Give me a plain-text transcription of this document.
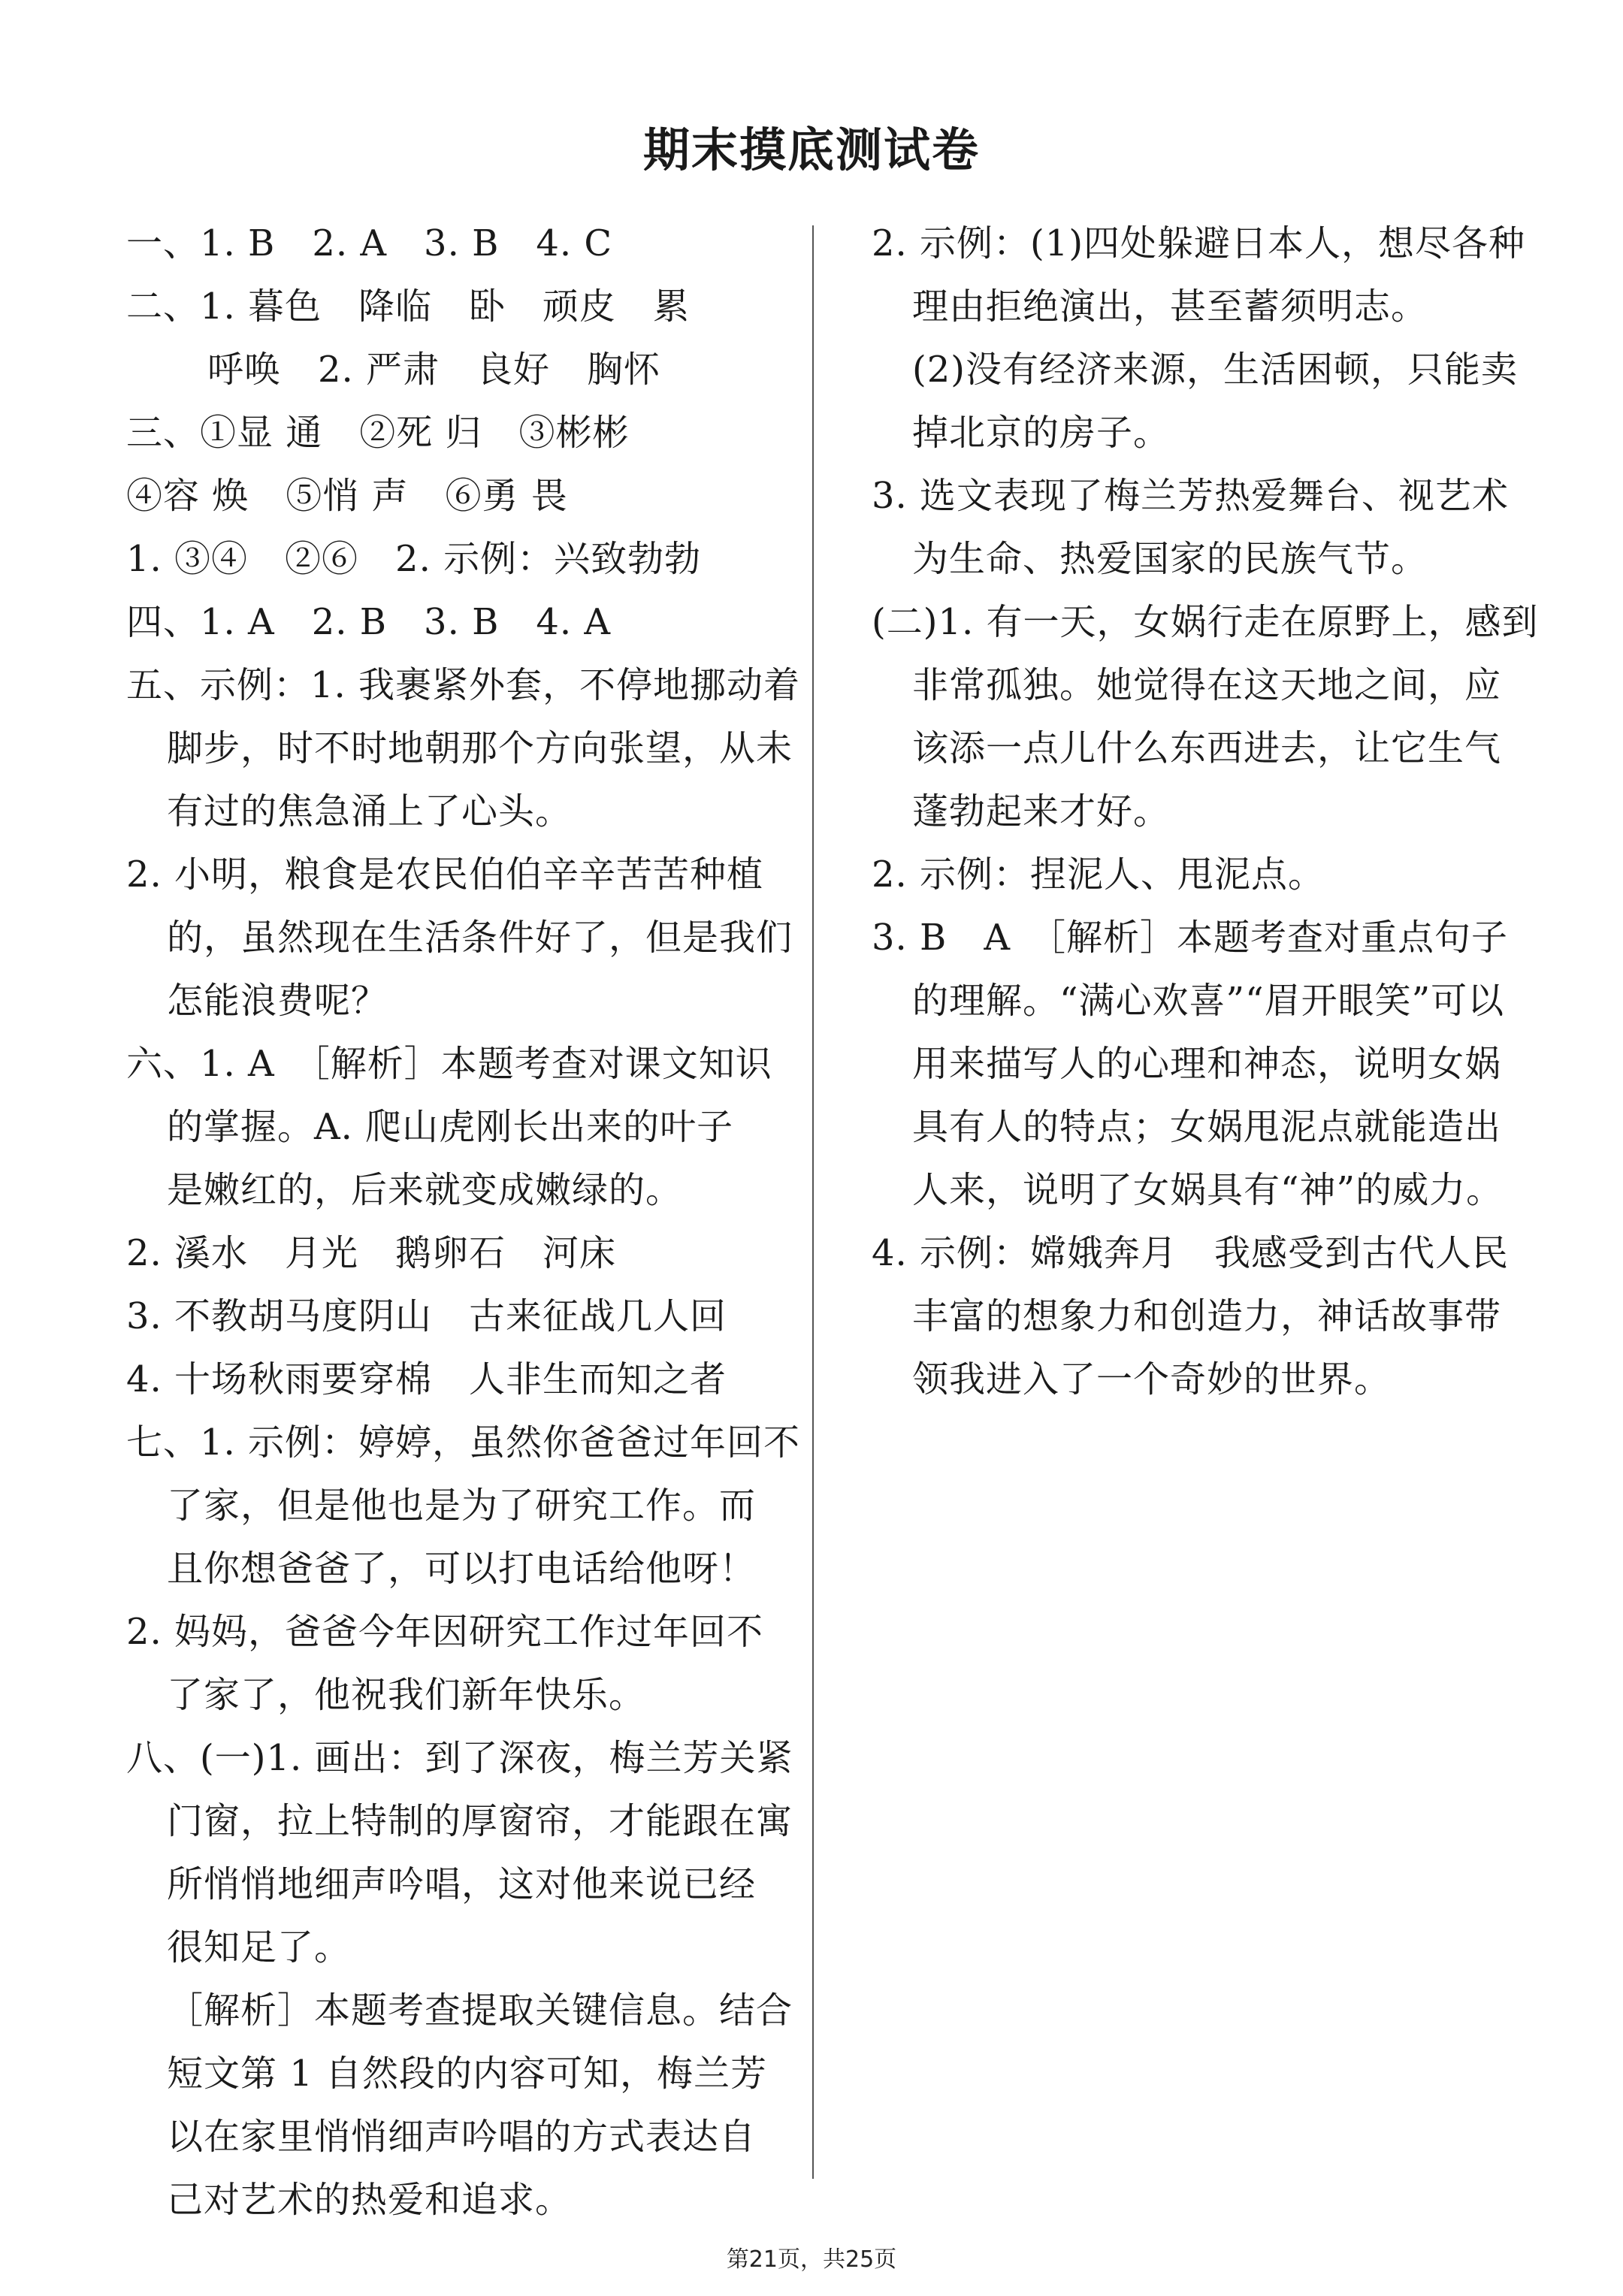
期末摸底测试卷
一、1. B　2. A　3. B　4. C
二、1. 暮色　降临　卧　顽皮　累
呼唤　2. 严肃　良好　胸怀
三、①显 通　②死 归　③彬彬
④容 焕　⑤悄 声　⑥勇 畏
1. ③④　②⑥　2. 示例：兴致勃勃
四、1. A　2. B　3. B　4. A
五、示例：1. 我裹紧外套，不停地挪动着
脚步，时不时地朝那个方向张望，从未
有过的焦急涌上了心头。
2. 小明，粮食是农民伯伯辛辛苦苦种植
的，虽然现在生活条件好了，但是我们
怎能浪费呢？
六、1. A　［解析］本题考查对课文知识
的掌握。A. 爬山虎刚长出来的叶子
是嫩红的，后来就变成嫩绿的。
2. 溪水　月光　鹅卵石　河床
3. 不教胡马度阴山　古来征战几人回
4. 十场秋雨要穿棉　人非生而知之者
七、1. 示例：婷婷，虽然你爸爸过年回不
了家，但是他也是为了研究工作。而
且你想爸爸了，可以打电话给他呀！
2. 妈妈，爸爸今年因研究工作过年回不
了家了，他祝我们新年快乐。
八、(一)1. 画出：到了深夜，梅兰芳关紧
门窗，拉上特制的厚窗帘，才能跟在寓
所悄悄地细声吟唱，这对他来说已经
很知足了。
［解析］本题考查提取关键信息。结合
短文第 1 自然段的内容可知，梅兰芳
以在家里悄悄细声吟唱的方式表达自
己对艺术的热爱和追求。
2. 示例：(1)四处躲避日本人，想尽各种
理由拒绝演出，甚至蓄须明志。
(2)没有经济来源，生活困顿，只能卖
掉北京的房子。
3. 选文表现了梅兰芳热爱舞台、视艺术
为生命、热爱国家的民族气节。
(二)1. 有一天，女娲行走在原野上，感到
非常孤独。她觉得在这天地之间，应
该添一点儿什么东西进去，让它生气
蓬勃起来才好。
2. 示例：捏泥人、甩泥点。
3. B　A　［解析］本题考查对重点句子
的理解。“满心欢喜”“眉开眼笑”可以
用来描写人的心理和神态，说明女娲
具有人的特点；女娲甩泥点就能造出
人来，说明了女娲具有“神”的威力。
4. 示例：嫦娥奔月　我感受到古代人民
丰富的想象力和创造力，神话故事带
领我进入了一个奇妙的世界。
第21页，共25页
